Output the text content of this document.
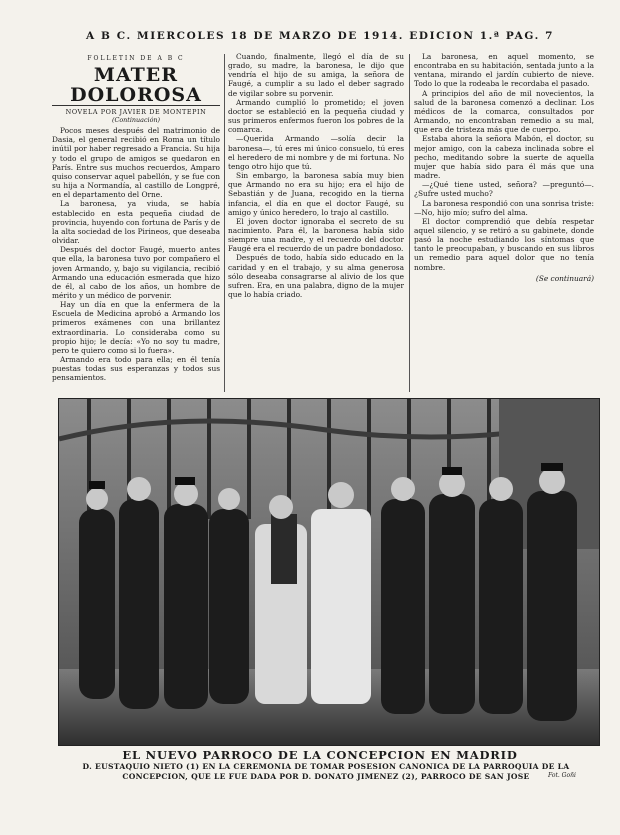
A B C. MIERCOLES 18 DE MARZO DE 1914. EDICION 1.ª PAG. 7
FOLLETIN DE A B C
MATER DOLOROSA
NOVELA POR JAVIER DE MONTEPIN
(Continuación)

Pocos meses después del matrimonio de Dasia, el general recibió en Roma un título inútil por haber regresado a Francia. Su hija y todo el grupo de amigos se quedaron en París. Entre sus muchos recuerdos, Amparo quiso conservar aquel pabellón, y se fue con su hija a Normandía, al castillo de Longpré, en el departamento del Orne.

La baronesa, ya viuda, se había establecido en esta pequeña ciudad de provincia, huyendo con fortuna de París y de la alta sociedad de los Pirineos, que deseaba olvidar.

Después del doctor Faugé, muerto antes que ella, la baronesa tuvo por compañero el joven Armando, y, bajo su vigilancia, recibió Armando una educación esmerada que hizo de él, al cabo de los años, un hombre de mérito y un médico de porvenir.

Hay un día en que la enfermera de la Escuela de Medicina aprobó a Armando los primeros exámenes con una brillantez extraordinaria. Lo consideraba como su propio hijo; le decía: «Yo no soy tu madre, pero te quiero como si lo fuera».

Armando era todo para ella; en él tenía puestas todas sus esperanzas y todos sus pensamientos.

Cuando, finalmente, llegó el día de su grado, su madre, la baronesa, le dijo que vendría el hijo de su amiga, la señora de Faugé, a cumplir a su lado el deber sagrado de vigilar sobre su porvenir.

Armando cumplió lo prometido; el joven doctor se estableció en la pequeña ciudad y sus primeros enfermos fueron los pobres de la comarca.

—Querida Armando —solía decir la baronesa—, tú eres mi único consuelo, tú eres el heredero de mi nombre y de mi fortuna. No tengo otro hijo que tú.

Sin embargo, la baronesa sabía muy bien que Armando no era su hijo; era el hijo de Sebastián y de Juana, recogido en la tierna infancia, el día en que el doctor Faugé, su amigo y único heredero, lo trajo al castillo.

El joven doctor ignoraba el secreto de su nacimiento. Para él, la baronesa había sido siempre una madre, y el recuerdo del doctor Faugé era el recuerdo de un padre bondadoso.

Después de todo, había sido educado en la caridad y en el trabajo, y su alma generosa sólo deseaba consagrarse al alivio de los que sufren. Era, en una palabra, digno de la mujer que lo había criado.

La baronesa, en aquel momento, se encontraba en su habitación, sentada junto a la ventana, mirando el jardín cubierto de nieve. Todo lo que la rodeaba le recordaba el pasado.

A principios del año de mil novecientos, la salud de la baronesa comenzó a declinar. Los médicos de la comarca, consultados por Armando, no encontraban remedio a su mal, que era de tristeza más que de cuerpo.

Estaba ahora la señora Mabón, el doctor, su mejor amigo, con la cabeza inclinada sobre el pecho, meditando sobre la suerte de aquella mujer que había sido para él más que una madre.

—¿Qué tiene usted, señora? —preguntó—. ¿Sufre usted mucho?

La baronesa respondió con una sonrisa triste: —No, hijo mío; sufro del alma.

El doctor comprendió que debía respetar aquel silencio, y se retiró a su gabinete, donde pasó la noche estudiando los síntomas que tanto le preocupaban, y buscando en sus libros un remedio para aquel dolor que no tenía nombre.

(Se continuará)
EL NUEVO PARROCO DE LA CONCEPCION EN MADRID
D. EUSTAQUIO NIETO (1) EN LA CEREMONIA DE TOMAR POSESION CANONICA DE LA PARROQUIA DE LA CONCEPCION, QUE LE FUE DADA POR D. DONATO JIMENEZ (2), PARROCO DE SAN JOSE	Fot. Goñi
